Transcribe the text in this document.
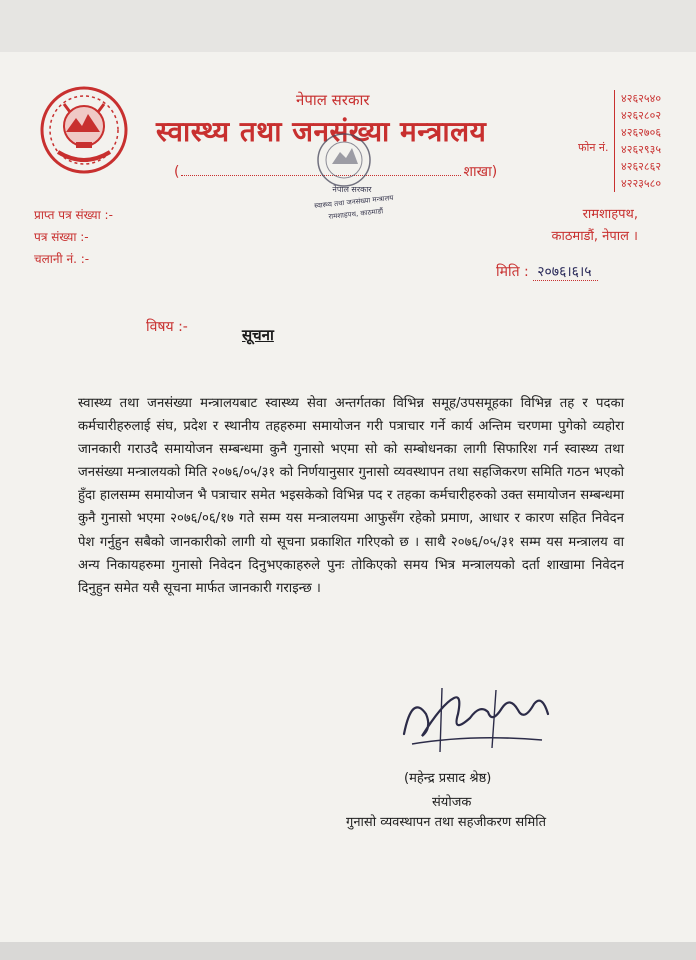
नेपाल सरकार
स्वास्थ्य तथा जनसंख्या मन्त्रालय
(	शाखा)
फोन नं.
४२६२५४०
४२६२८०२
४२६२७०६
४२६२९३५
४२६२८६२
४२२३५८०
नेपाल सरकार
स्वास्थ्य तथा जनसंख्या मन्त्रालय
रामशाहपथ, काठमाडौं
प्राप्त पत्र संख्या :-
पत्र संख्या :-
चलानी नं. :-
रामशाहपथ,
काठमाडौं, नेपाल ।
मिति : २०७६।६।५
विषय :-	सूचना
स्वास्थ्य तथा जनसंख्या मन्त्रालयबाट स्वास्थ्य सेवा अन्तर्गतका विभिन्न समूह/उपसमूहका विभिन्न तह र पदका कर्मचारीहरुलाई संघ, प्रदेश र स्थानीय तहहरुमा समायोजन गरी पत्राचार गर्ने कार्य अन्तिम चरणमा पुगेको व्यहोरा जानकारी गराउदै समायोजन सम्बन्धमा कुनै गुनासो भएमा सो को सम्बोधनका लागी सिफारिश गर्न स्वास्थ्य तथा जनसंख्या मन्त्रालयको मिति २०७६/०५/३१ को निर्णयानुसार गुनासो व्यवस्थापन तथा सहजिकरण समिति गठन भएको हुँदा हालसम्म समायोजन भै पत्राचार समेत भइसकेको विभिन्न पद र तहका कर्मचारीहरुको उक्त समायोजन सम्बन्धमा कुनै गुनासो भएमा २०७६/०६/१७ गते सम्म यस मन्त्रालयमा आफुसँग रहेको प्रमाण, आधार र कारण सहित निवेदन पेश गर्नुहुन सबैको जानकारीको लागी यो सूचना प्रकाशित गरिएको छ । साथै २०७६/०५/३१ सम्म यस मन्त्रालय वा अन्य निकायहरुमा गुनासो निवेदन दिनुभएकाहरुले पुनः तोकिएको समय भित्र मन्त्रालयको दर्ता शाखामा निवेदन दिनुहुन समेत यसै सूचना मार्फत जानकारी गराइन्छ ।
(महेन्द्र प्रसाद श्रेष्ठ)
संयोजक
गुनासो व्यवस्थापन तथा सहजीकरण समिति
